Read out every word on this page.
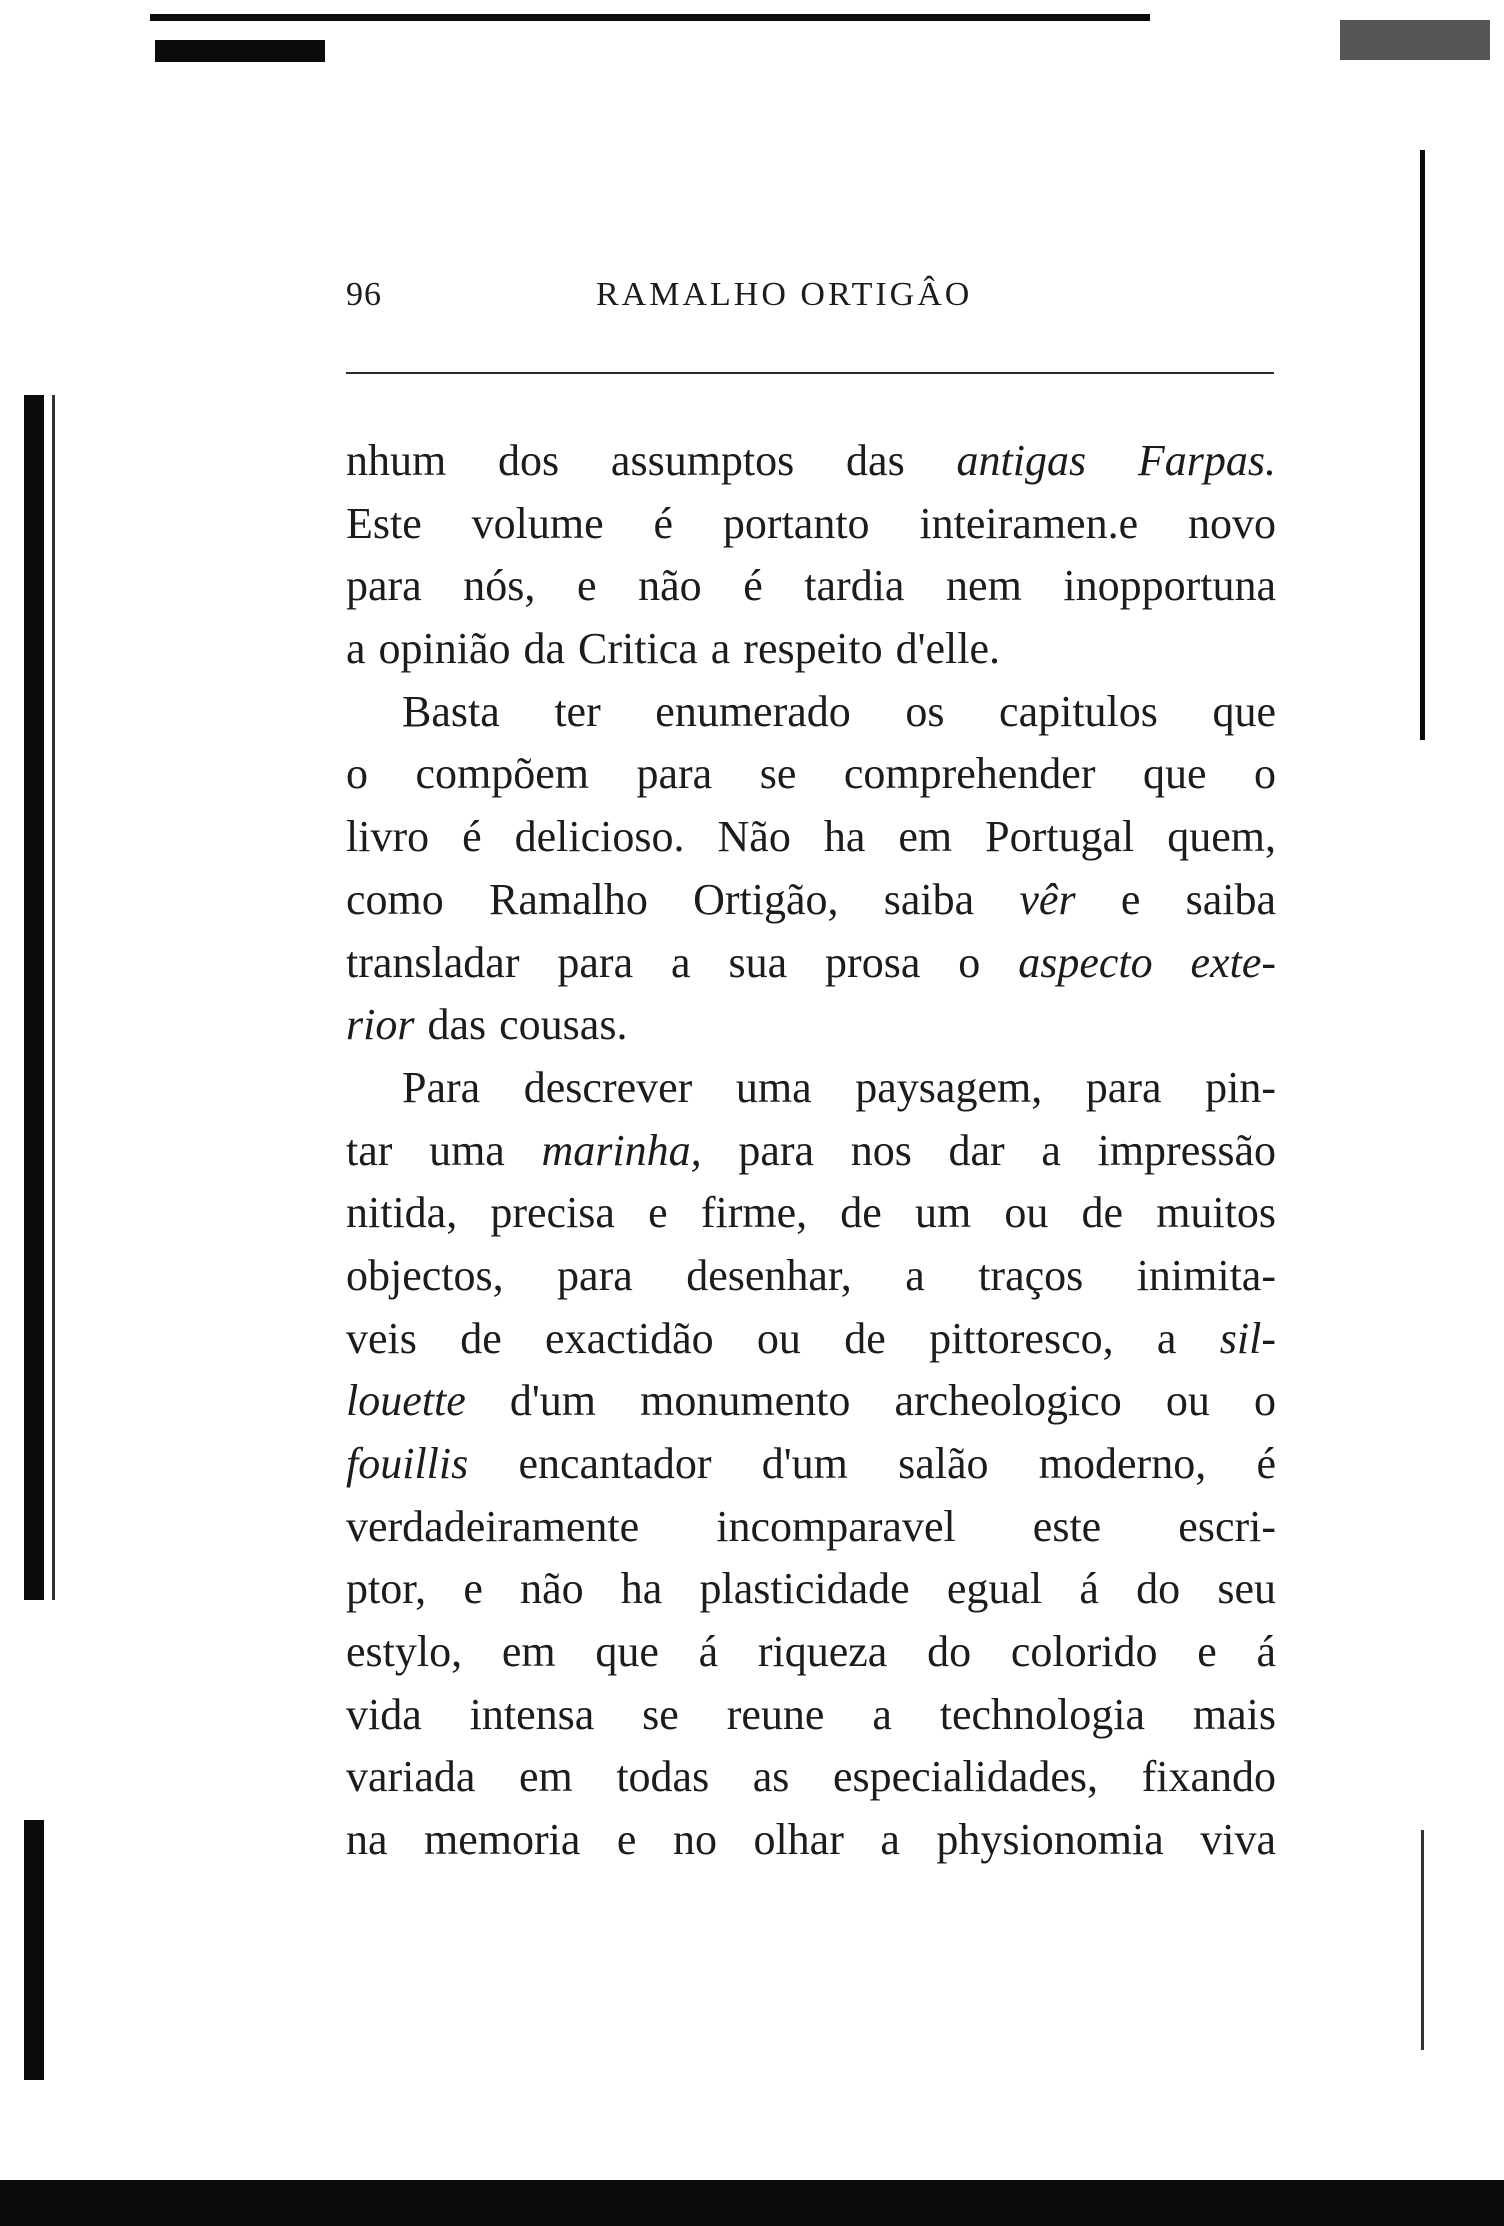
96	RAMALHO ORTIGÂO
nhum dos assumptos das antigas Farpas.
Este volume é portanto inteiramen.e novo
para nós, e não é tardia nem inopportuna
a opinião da Critica a respeito d'elle.
Basta ter enumerado os capitulos que
o compõem para se comprehender que o
livro é delicioso. Não ha em Portugal quem,
como Ramalho Ortigão, saiba vêr e saiba
transladar para a sua prosa o aspecto exte-
rior das cousas.
Para descrever uma paysagem, para pin-
tar uma marinha, para nos dar a impressão
nitida, precisa e firme, de um ou de muitos
objectos, para desenhar, a traços inimita-
veis de exactidão ou de pittoresco, a sil-
louette d'um monumento archeologico ou o
fouillis encantador d'um salão moderno, é
verdadeiramente incomparavel este escri-
ptor, e não ha plasticidade egual á do seu
estylo, em que á riqueza do colorido e á
vida intensa se reune a technologia mais
variada em todas as especialidades, fixando
na memoria e no olhar a physionomia viva
